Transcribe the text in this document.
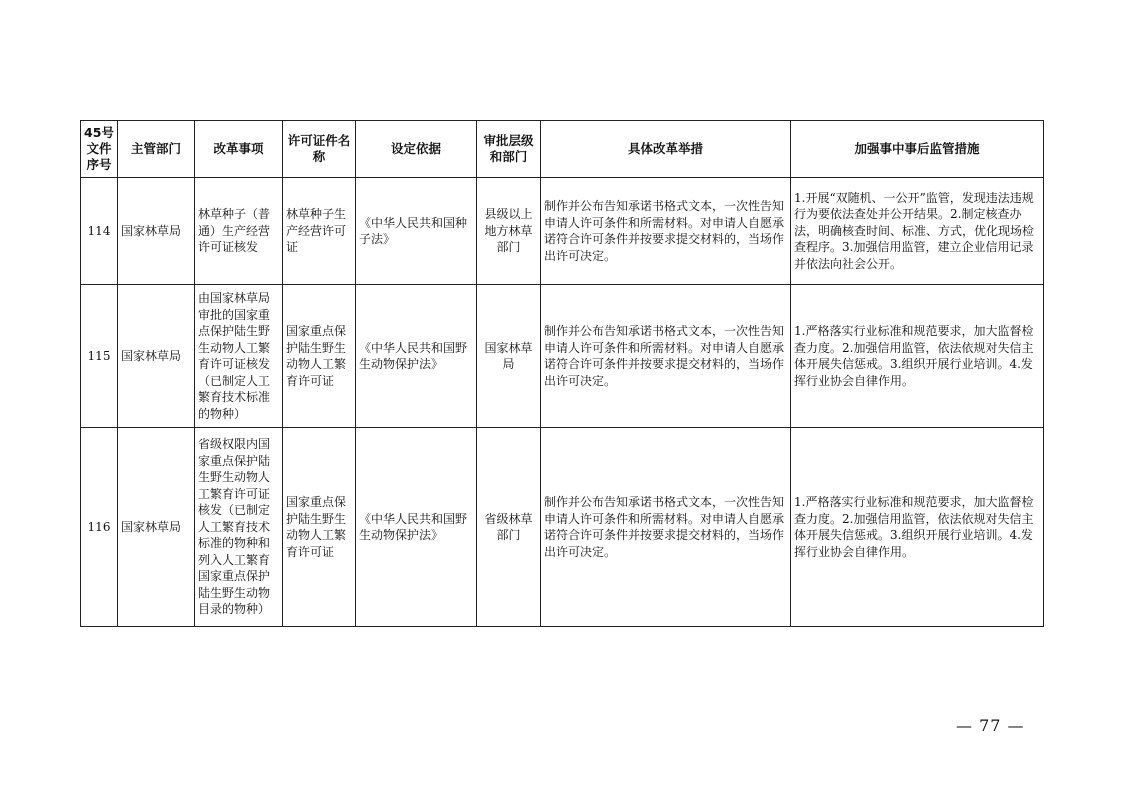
45号文件序号	主管部门	改革事项	许可证件名称	设定依据	审批层级和部门	具体改革举措	加强事中事后监管措施
114	国家林草局	林草种子（普通）生产经营许可证核发	林草种子生产经营许可证	《中华人民共和国种子法》	县级以上地方林草部门	制作并公布告知承诺书格式文本，一次性告知申请人许可条件和所需材料。对申请人自愿承诺符合许可条件并按要求提交材料的，当场作出许可决定。	1.开展“双随机、一公开”监管，发现违法违规行为要依法查处并公开结果。2.制定核查办法，明确核查时间、标准、方式，优化现场检查程序。3.加强信用监管，建立企业信用记录并依法向社会公开。
115	国家林草局	由国家林草局审批的国家重点保护陆生野生动物人工繁育许可证核发（已制定人工繁育技术标准的物种）	国家重点保护陆生野生动物人工繁育许可证	《中华人民共和国野生动物保护法》	国家林草局	制作并公布告知承诺书格式文本，一次性告知申请人许可条件和所需材料。对申请人自愿承诺符合许可条件并按要求提交材料的，当场作出许可决定。	1.严格落实行业标准和规范要求，加大监督检查力度。2.加强信用监管，依法依规对失信主体开展失信惩戒。3.组织开展行业培训。4.发挥行业协会自律作用。
116	国家林草局	省级权限内国家重点保护陆生野生动物人工繁育许可证核发（已制定人工繁育技术标准的物种和列入人工繁育国家重点保护陆生野生动物目录的物种）	国家重点保护陆生野生动物人工繁育许可证	《中华人民共和国野生动物保护法》	省级林草部门	制作并公布告知承诺书格式文本，一次性告知申请人许可条件和所需材料。对申请人自愿承诺符合许可条件并按要求提交材料的，当场作出许可决定。	1.严格落实行业标准和规范要求，加大监督检查力度。2.加强信用监管，依法依规对失信主体开展失信惩戒。3.组织开展行业培训。4.发挥行业协会自律作用。
— 77 —
